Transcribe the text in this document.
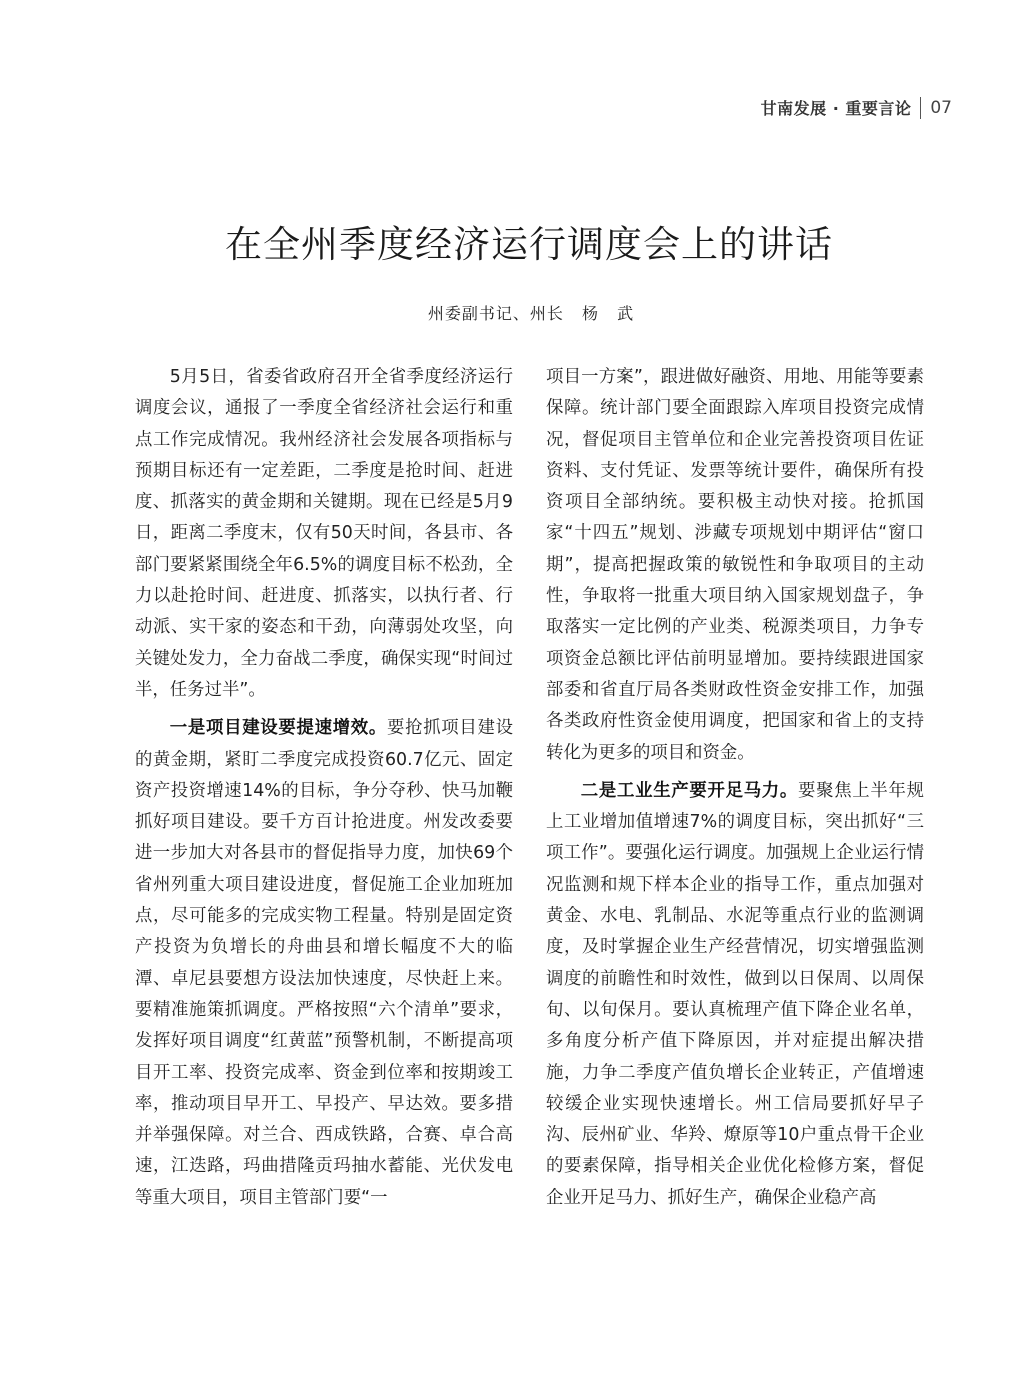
甘南发展 · 重要言论 07
在全州季度经济运行调度会上的讲话
州委副书记、州长 杨 武

5月5日，省委省政府召开全省季度经济运行调度会议，通报了一季度全省经济社会运行和重点工作完成情况。我州经济社会发展各项指标与预期目标还有一定差距，二季度是抢时间、赶进度、抓落实的黄金期和关键期。现在已经是5月9日，距离二季度末，仅有50天时间，各县市、各部门要紧紧围绕全年6.5%的调度目标不松劲，全力以赴抢时间、赶进度、抓落实，以执行者、行动派、实干家的姿态和干劲，向薄弱处攻坚，向关键处发力，全力奋战二季度，确保实现“时间过半，任务过半”。

一是项目建设要提速增效。要抢抓项目建设的黄金期，紧盯二季度完成投资60.7亿元、固定资产投资增速14%的目标，争分夺秒、快马加鞭抓好项目建设。要千方百计抢进度。州发改委要进一步加大对各县市的督促指导力度，加快69个省州列重大项目建设进度，督促施工企业加班加点，尽可能多的完成实物工程量。特别是固定资产投资为负增长的舟曲县和增长幅度不大的临潭、卓尼县要想方设法加快速度，尽快赶上来。要精准施策抓调度。严格按照“六个清单”要求，发挥好项目调度“红黄蓝”预警机制，不断提高项目开工率、投资完成率、资金到位率和按期竣工率，推动项目早开工、早投产、早达效。要多措并举强保障。对兰合、西成铁路，合赛、卓合高速，江迭路，玛曲措隆贡玛抽水蓄能、光伏发电等重大项目，项目主管部门要“一

项目一方案”，跟进做好融资、用地、用能等要素保障。统计部门要全面跟踪入库项目投资完成情况，督促项目主管单位和企业完善投资项目佐证资料、支付凭证、发票等统计要件，确保所有投资项目全部纳统。要积极主动快对接。抢抓国家“十四五”规划、涉藏专项规划中期评估“窗口期”，提高把握政策的敏锐性和争取项目的主动性，争取将一批重大项目纳入国家规划盘子，争取落实一定比例的产业类、税源类项目，力争专项资金总额比评估前明显增加。要持续跟进国家部委和省直厅局各类财政性资金安排工作，加强各类政府性资金使用调度，把国家和省上的支持转化为更多的项目和资金。

二是工业生产要开足马力。要聚焦上半年规上工业增加值增速7%的调度目标，突出抓好“三项工作”。要强化运行调度。加强规上企业运行情况监测和规下样本企业的指导工作，重点加强对黄金、水电、乳制品、水泥等重点行业的监测调度，及时掌握企业生产经营情况，切实增强监测调度的前瞻性和时效性，做到以日保周、以周保旬、以旬保月。要认真梳理产值下降企业名单，多角度分析产值下降原因，并对症提出解决措施，力争二季度产值负增长企业转正，产值增速较缓企业实现快速增长。州工信局要抓好早子沟、辰州矿业、华羚、燎原等10户重点骨干企业的要素保障，指导相关企业优化检修方案，督促企业开足马力、抓好生产，确保企业稳产高
